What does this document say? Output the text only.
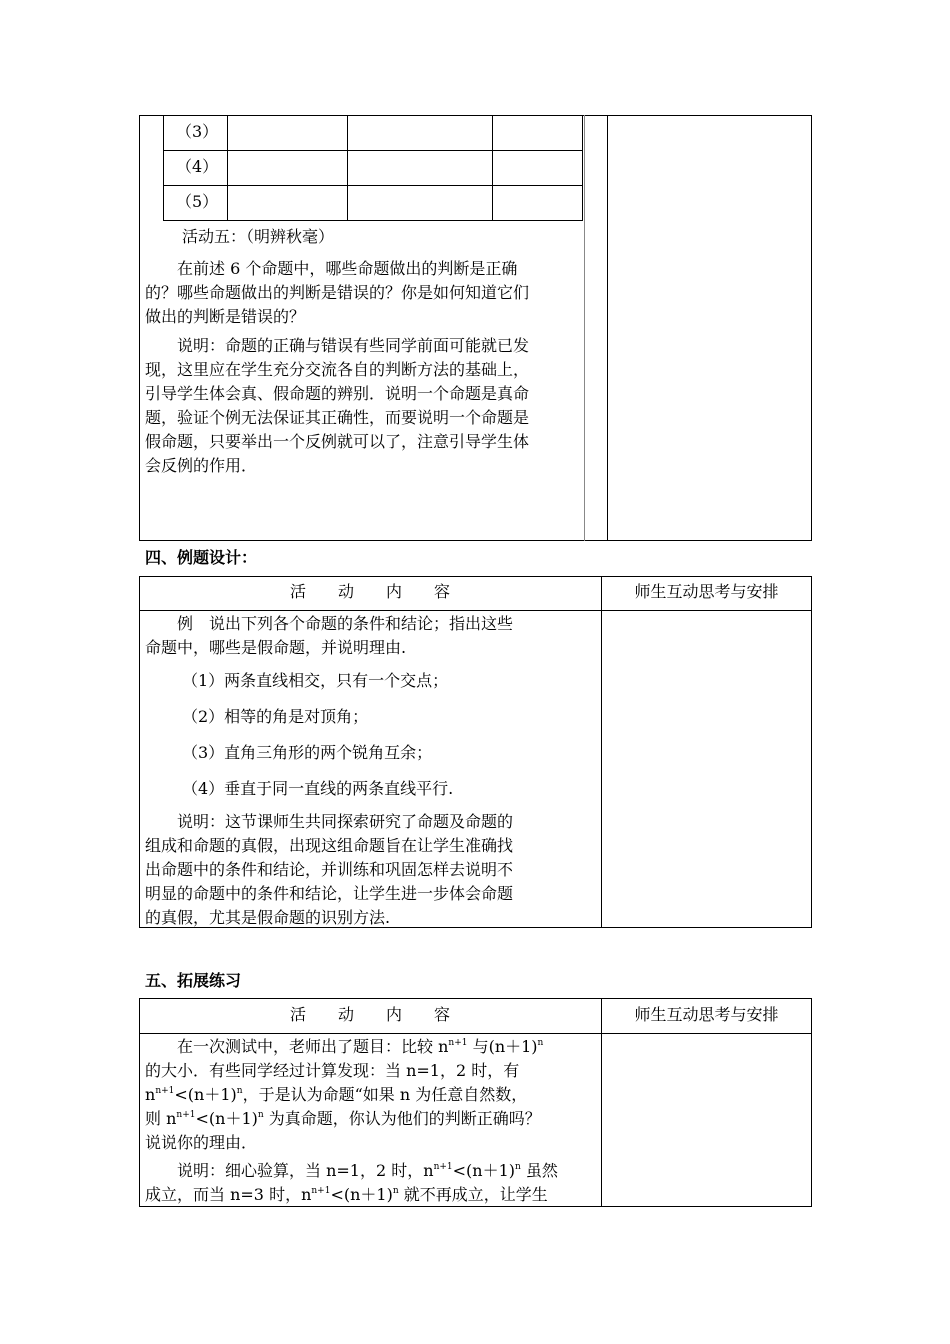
（3）
（4）
（5）
活动五：（明辨秋毫）
在前述 6 个命题中，哪些命题做出的判断是正确
的？哪些命题做出的判断是错误的？你是如何知道它们
做出的判断是错误的？
说明：命题的正确与错误有些同学前面可能就已发
现，这里应在学生充分交流各自的判断方法的基础上，
引导学生体会真、假命题的辨别．说明一个命题是真命
题，验证个例无法保证其正确性，而要说明一个命题是
假命题，只要举出一个反例就可以了，注意引导学生体
会反例的作用．
四、例题设计：
活　　动　　内　　容	师生互动思考与安排
例　说出下列各个命题的条件和结论；指出这些
命题中，哪些是假命题，并说明理由.
（1）两条直线相交，只有一个交点；
（2）相等的角是对顶角；
（3）直角三角形的两个锐角互余；
（4）垂直于同一直线的两条直线平行.
说明：这节课师生共同探索研究了命题及命题的
组成和命题的真假，出现这组命题旨在让学生准确找
出命题中的条件和结论，并训练和巩固怎样去说明不
明显的命题中的条件和结论，让学生进一步体会命题
的真假，尤其是假命题的识别方法.
五、拓展练习
活　　动　　内　　容	师生互动思考与安排
在一次测试中，老师出了题目：比较 $n^{n+1}$ 与$(n+1)^n$
的大小．有些同学经过计算发现：当 n=1，2 时，有
$n^{n+1}<(n+1)^n$，于是认为命题“如果 n 为任意自然数，
则 $n^{n+1}<(n+1)^n$ 为真命题，你认为他们的判断正确吗？
说说你的理由．
说明：细心验算，当 n=1，2 时，$n^{n+1}<(n+1)^n$ 虽然
成立，而当 n=3 时，$n^{n+1}<(n+1)^n$ 就不再成立，让学生
